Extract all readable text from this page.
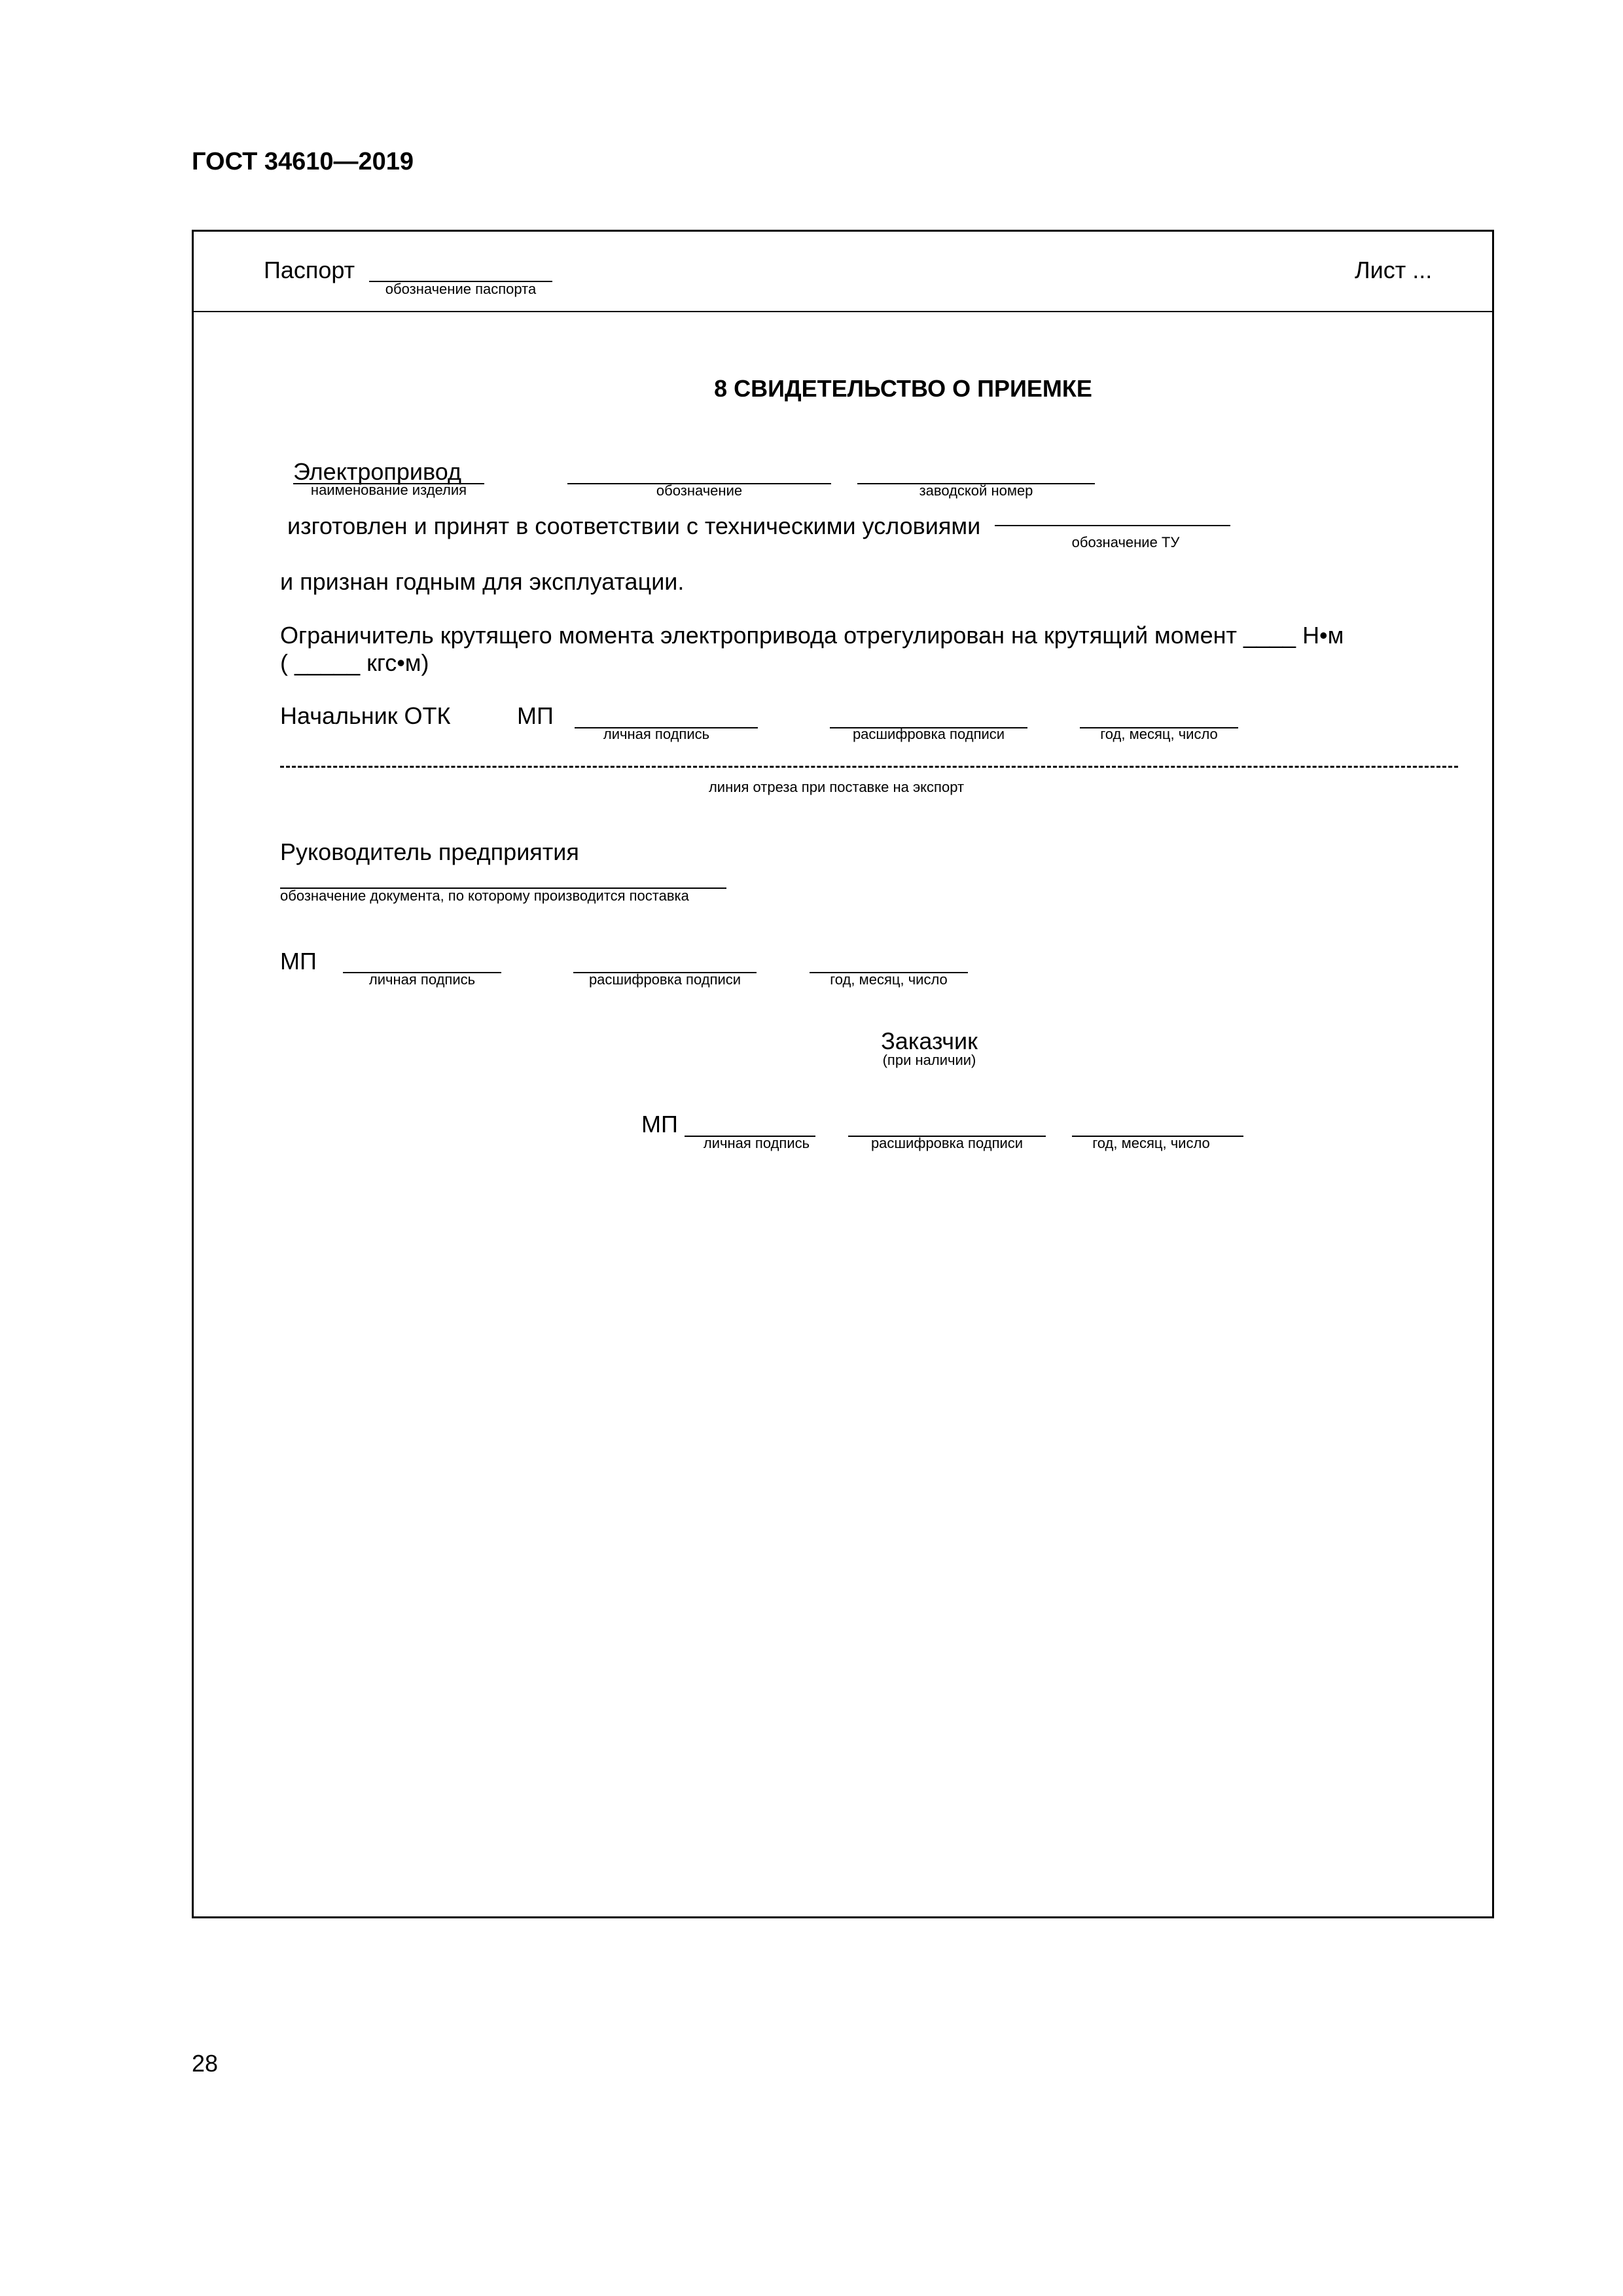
ГОСТ 34610—2019
Паспорт
обозначение паспорта
Лист ...
8 СВИДЕТЕЛЬСТВО О ПРИЕМКЕ
Электропривод
наименование изделия	обозначение	заводской номер
изготовлен и принят в соответствии с техническими условиями
обозначение ТУ
и признан годным для эксплуатации.
Ограничитель крутящего момента электропривода отрегулирован на крутящий момент ____ Н•м
( _____ кгс•м)
Начальник ОТК	МП
личная подпись	расшифровка подписи	год, месяц, число
линия отреза при поставке на экспорт
Руководитель предприятия
обозначение документа, по которому производится поставка
МП
личная подпись	расшифровка подписи	год, месяц, число
Заказчик
(при наличии)
МП
личная подпись	расшифровка подписи	год, месяц, число
28
